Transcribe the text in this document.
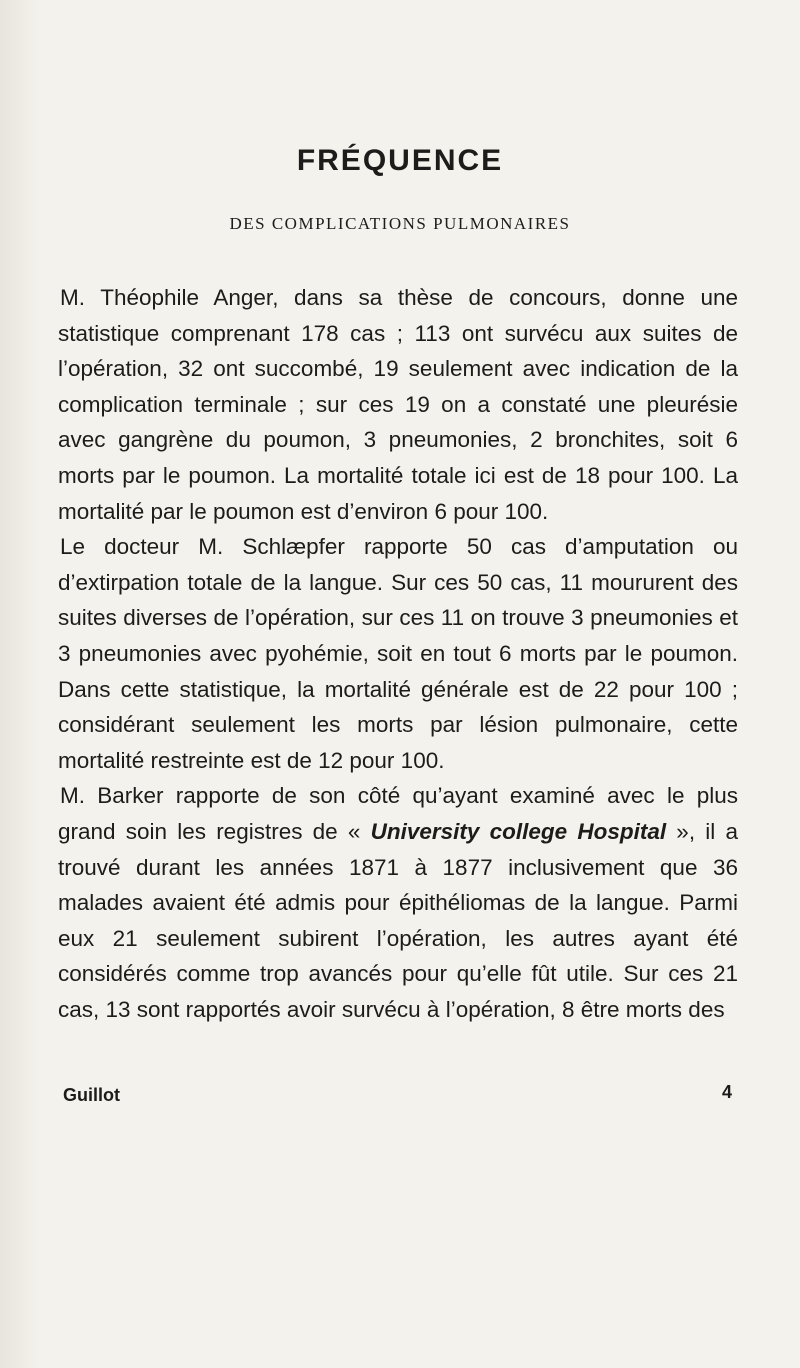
FRÉQUENCE
DES COMPLICATIONS PULMONAIRES

M. Théophile Anger, dans sa thèse de concours, donne une statistique comprenant 178 cas ; 113 ont survécu aux suites de l’opération, 32 ont succombé, 19 seulement avec indication de la complication terminale ; sur ces 19 on a constaté une pleurésie avec gangrène du poumon, 3 pneumonies, 2 bronchites, soit 6 morts par le poumon. La mortalité totale ici est de 18 pour 100. La mortalité par le poumon est d’environ 6 pour 100.

Le docteur M. Schlæpfer rapporte 50 cas d’amputation ou d’extirpation totale de la langue. Sur ces 50 cas, 11 moururent des suites diverses de l’opération, sur ces 11 on trouve 3 pneumonies et 3 pneumonies avec pyohémie, soit en tout 6 morts par le poumon. Dans cette statistique, la mortalité générale est de 22 pour 100 ; considérant seulement les morts par lésion pulmonaire, cette mortalité restreinte est de 12 pour 100.

M. Barker rapporte de son côté qu’ayant examiné avec le plus grand soin les registres de « University college Hospital », il a trouvé durant les années 1871 à 1877 inclusivement que 36 malades avaient été admis pour épithéliomas de la langue. Parmi eux 21 seulement subirent l’opération, les autres ayant été considérés comme trop avancés pour qu’elle fût utile. Sur ces 21 cas, 13 sont rapportés avoir survécu à l’opération, 8 être morts des

Guillot	4
